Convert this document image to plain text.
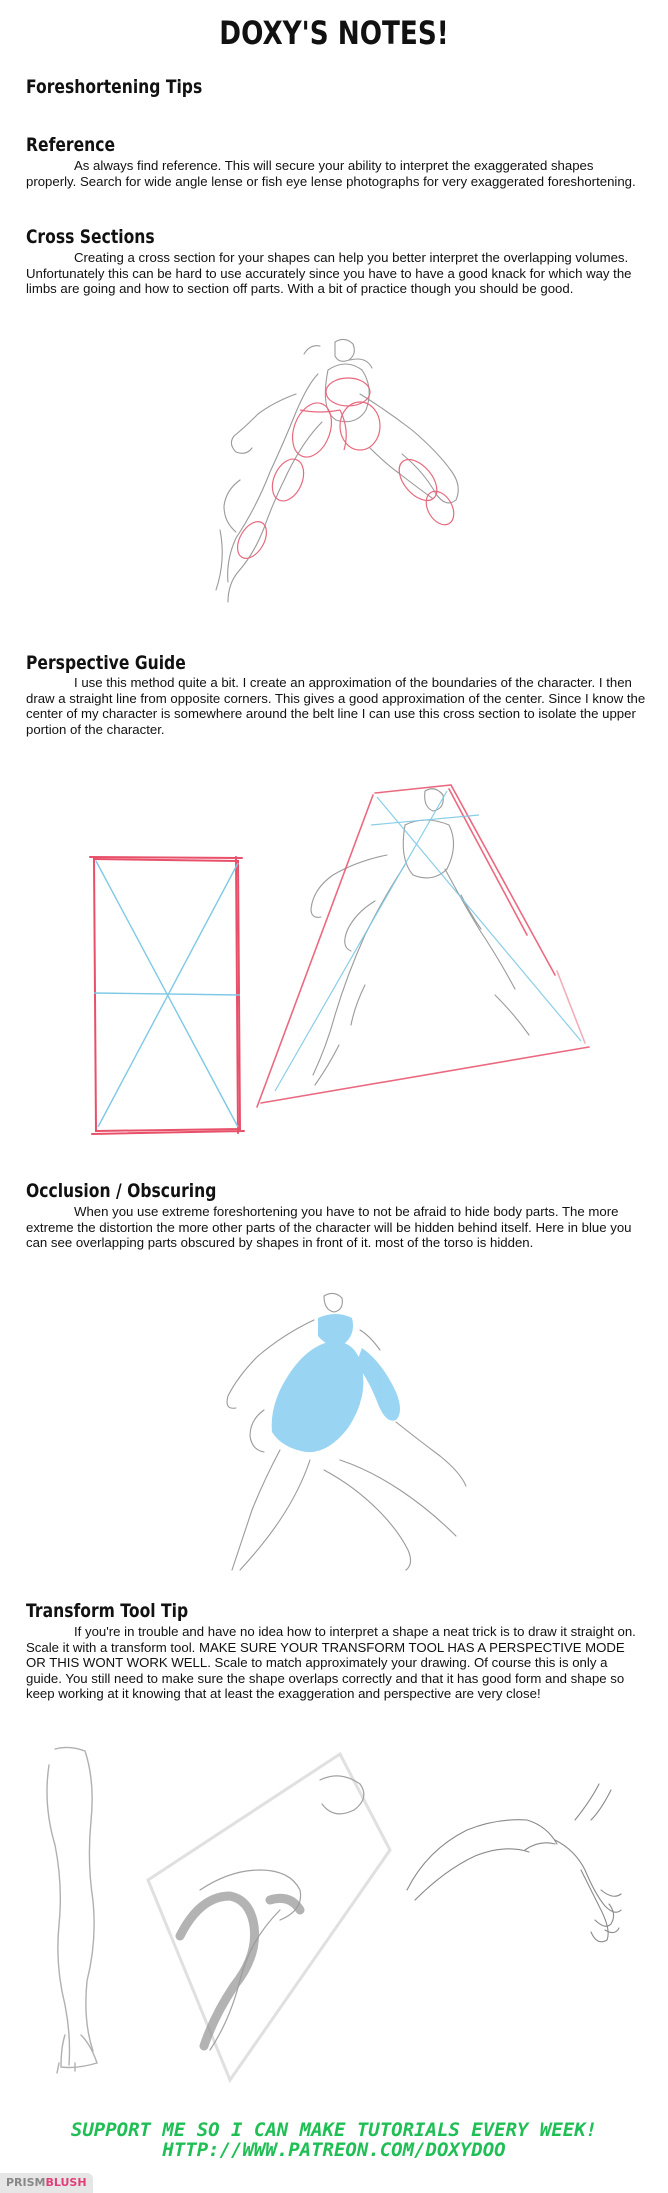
DOXY'S NOTES!
Foreshortening Tips
Reference

As always find reference. This will secure your ability to interpret the exaggerated shapes properly. Search for wide angle lense or fish eye lense photographs for very exaggerated foreshortening.

Cross Sections

Creating a cross section for your shapes can help you better interpret the overlapping volumes. Unfortunately this can be hard to use accurately since you have to have a good knack for which way the limbs are going and how to section off parts. With a bit of practice though you should be good.

Perspective Guide

I use this method quite a bit. I create an approximation of the boundaries of the character. I then draw a straight line from opposite corners. This gives a good approximation of the center. Since I know the center of my character is somewhere around the belt line I can use this cross section to isolate the upper portion of the character.

Occlusion / Obscuring

When you use extreme foreshortening you have to not be afraid to hide body parts. The more extreme the distortion the more other parts of the character will be hidden behind itself. Here in blue you can see overlapping parts obscured by shapes in front of it. most of the torso is hidden.

Transform Tool Tip

If you're in trouble and have no idea how to interpret a shape a neat trick is to draw it straight on. Scale it with a transform tool. MAKE SURE YOUR TRANSFORM TOOL HAS A PERSPECTIVE MODE OR THIS WONT WORK WELL. Scale to match approximately your drawing. Of course this is only a guide. You still need to make sure the shape overlaps correctly and that it has good form and shape so keep working at it knowing that at least the exaggeration and perspective are very close!

SUPPORT ME SO I CAN MAKE TUTORIALS EVERY WEEK!
HTTP://WWW.PATREON.COM/DOXYDOO
PRISMBLUSH
